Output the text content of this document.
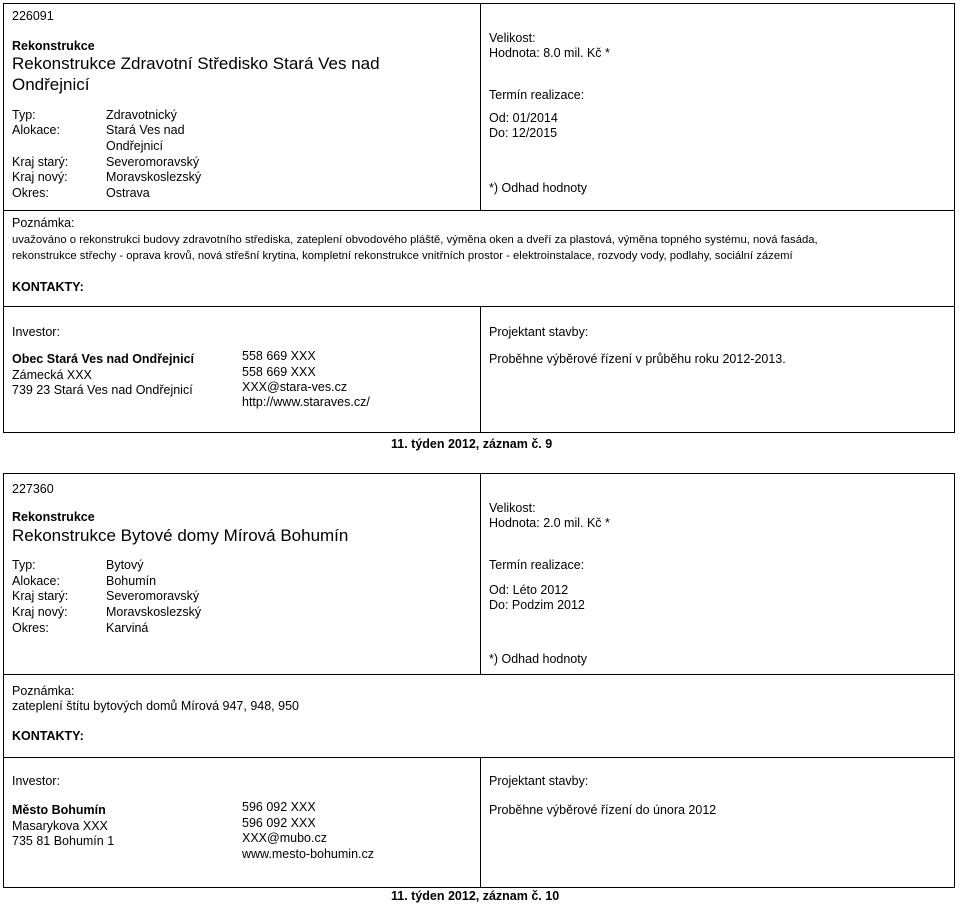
226091
Rekonstrukce
Rekonstrukce Zdravotní Středisko Stará Ves nad
Ondřejnicí
Typ:	Zdravotnický
Alokace:	Stará Ves nad
Ondřejnicí
Kraj starý:	Severomoravský
Kraj nový:	Moravskoslezský
Okres:	Ostrava
Velikost:
Hodnota: 8.0 mil. Kč *
Termín realizace:
Od: 01/2014
Do: 12/2015
*) Odhad hodnoty
Poznámka:
uvažováno o rekonstrukci budovy zdravotního střediska, zateplení obvodového pláště, výměna oken a dveří za plastová, výměna topného systému, nová fasáda,
rekonstrukce střechy - oprava krovů, nová střešní krytina, kompletní rekonstrukce vnitřních prostor - elektroinstalace, rozvody vody, podlahy, sociální zázemí
KONTAKTY:
Investor:
Obec Stará Ves nad Ondřejnicí
Zámecká XXX
739 23 Stará Ves nad Ondřejnicí
558 669 XXX
558 669 XXX
XXX@stara-ves.cz
http://www.staraves.cz/
Projektant stavby:
Proběhne výběrové řízení v průběhu roku 2012-2013.
11. týden 2012, záznam č. 9
227360
Rekonstrukce
Rekonstrukce Bytové domy Mírová Bohumín
Typ:	Bytový
Alokace:	Bohumín
Kraj starý:	Severomoravský
Kraj nový:	Moravskoslezský
Okres:	Karviná
Velikost:
Hodnota: 2.0 mil. Kč *
Termín realizace:
Od: Léto 2012
Do: Podzim 2012
*) Odhad hodnoty
Poznámka:
zateplení štítu bytových domů Mírová 947, 948, 950
KONTAKTY:
Investor:
Město Bohumín
Masarykova XXX
735 81 Bohumín 1
596 092 XXX
596 092 XXX
XXX@mubo.cz
www.mesto-bohumin.cz
Projektant stavby:
Proběhne výběrové řízení do února 2012
11. týden 2012, záznam č. 10
